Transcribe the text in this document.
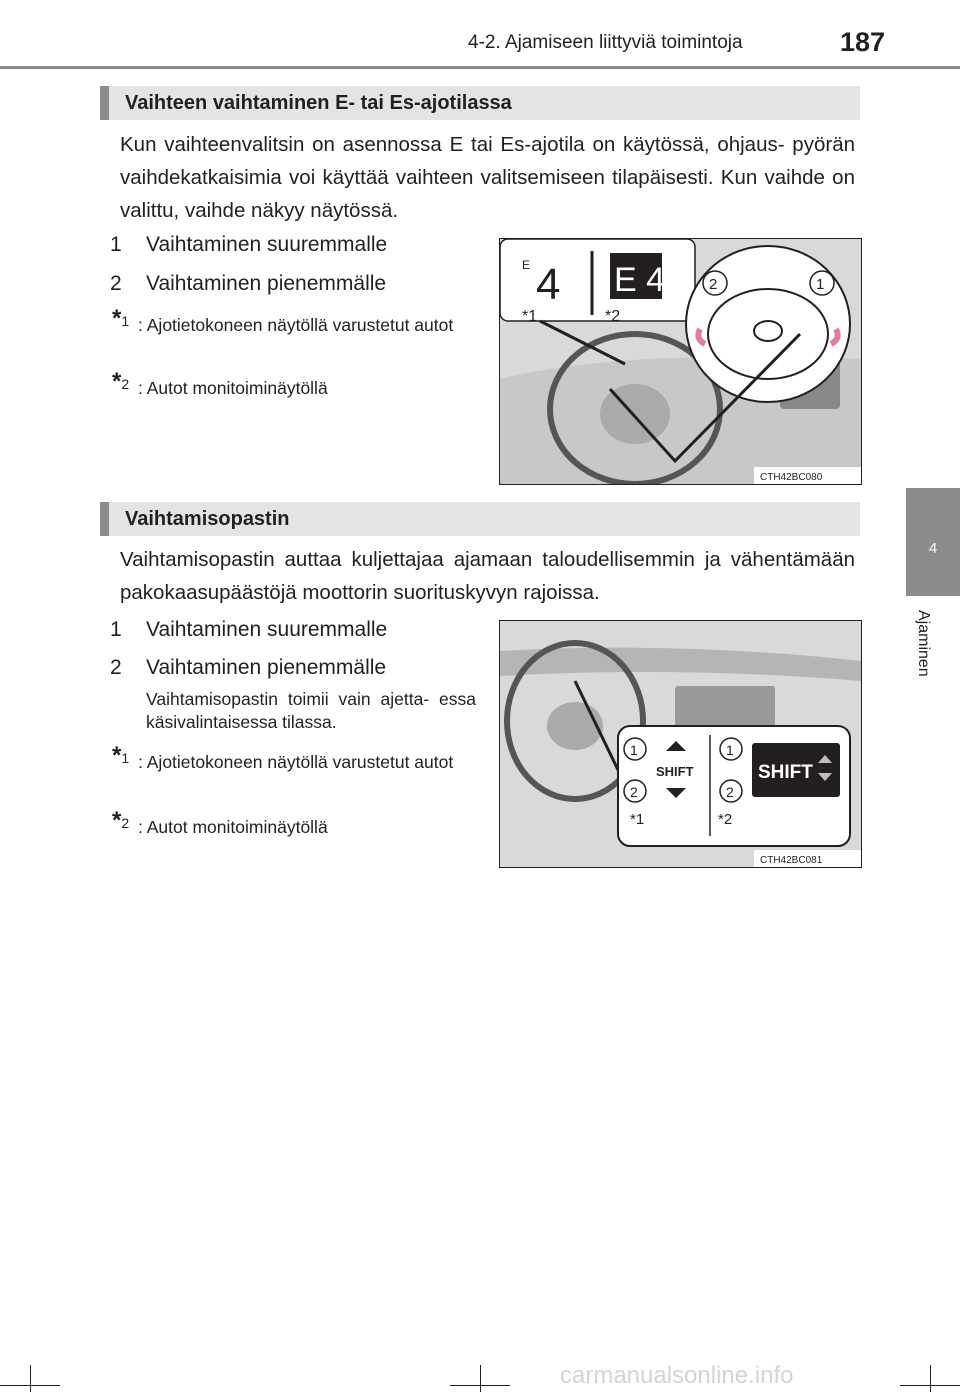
4-2. Ajamiseen liittyviä toimintoja	187
4
Ajaminen
Vaihteen vaihtaminen E- tai Es-ajotilassa
Kun vaihteenvalitsin on asennossa E tai Es-ajotila on käytössä, ohjaus- pyörän vaihdekatkaisimia voi käyttää vaihteen valitsemiseen tilapäisesti. Kun vaihde on valittu, vaihde näkyy näytössä.
1 Vaihtaminen suuremmalle
2 Vaihtaminen pienemmälle
*1 : Ajotietokoneen näytöllä varustetut autot
*2 : Autot monitoiminäytöllä
E 4 E 4
*1	*2
2	1
CTH42BC080
Vaihtamisopastin
Vaihtamisopastin auttaa kuljettajaa ajamaan taloudellisemmin ja vähentämään pakokaasupäästöjä moottorin suorituskyvyn rajoissa.
1 Vaihtaminen suuremmalle
2 Vaihtaminen pienemmälle
Vaihtamisopastin toimii vain ajetta- essa käsivalintaisessa tilassa.
*1 : Ajotietokoneen näytöllä varustetut autot
*2 : Autot monitoiminäytöllä
1
2
SHIFT
*1
1
2
SHIFT
*2
CTH42BC081
carmanualsonline.info
